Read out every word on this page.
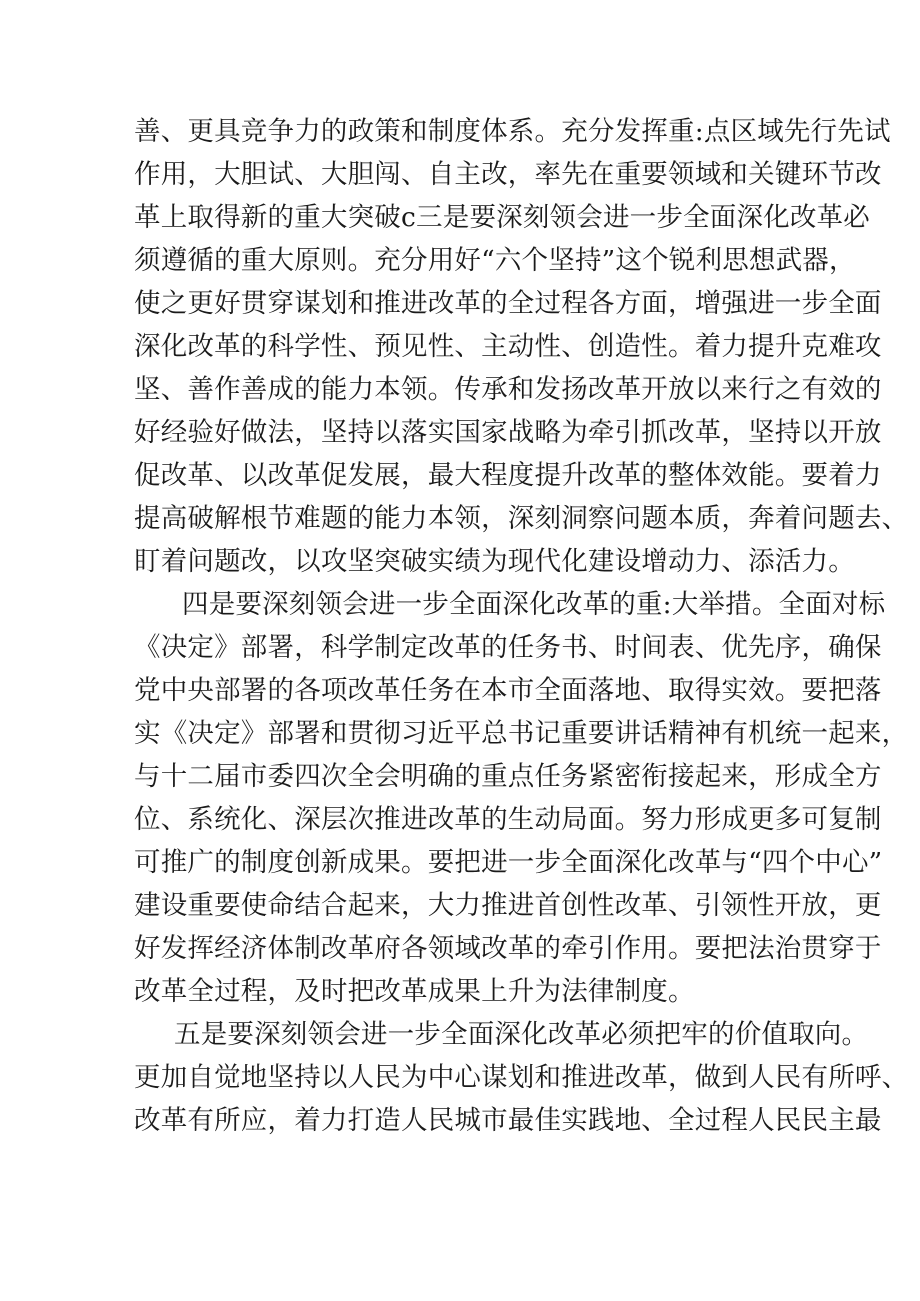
善、更具竞争力的政策和制度体系。充分发挥重:点区域先行先试
作用，大胆试、大胆闯、自主改，率先在重要领域和关键环节改
革上取得新的重大突破c三是要深刻领会进一步全面深化改革必
须遵循的重大原则。充分用好“六个坚持”这个锐利思想武器，
使之更好贯穿谋划和推进改革的全过程各方面，增强进一步全面
深化改革的科学性、预见性、主动性、创造性。着力提升克难攻
坚、善作善成的能力本领。传承和发扬改革开放以来行之有效的
好经验好做法，坚持以落实国家战略为牵引抓改革，坚持以开放
促改革、以改革促发展，最大程度提升改革的整体效能。要着力
提高破解根节难题的能力本领，深刻洞察问题本质，奔着问题去、
盯着问题改，以攻坚突破实绩为现代化建设增动力、添活力。
四是要深刻领会进一步全面深化改革的重:大举措。全面对标
《决定》部署，科学制定改革的任务书、时间表、优先序，确保
党中央部署的各项改革任务在本市全面落地、取得实效。要把落
实《决定》部署和贯彻习近平总书记重要讲话精神有机统一起来，
与十二届市委四次全会明确的重点任务紧密衔接起来，形成全方
位、系统化、深层次推进改革的生动局面。努力形成更多可复制
可推广的制度创新成果。要把进一步全面深化改革与“四个中心”
建设重要使命结合起来，大力推进首创性改革、引领性开放，更
好发挥经济体制改革府各领域改革的牵引作用。要把法治贯穿于
改革全过程，及时把改革成果上升为法律制度。
五是要深刻领会进一步全面深化改革必须把牢的价值取向。
更加自觉地坚持以人民为中心谋划和推进改革，做到人民有所呼、
改革有所应，着力打造人民城市最佳实践地、全过程人民民主最
